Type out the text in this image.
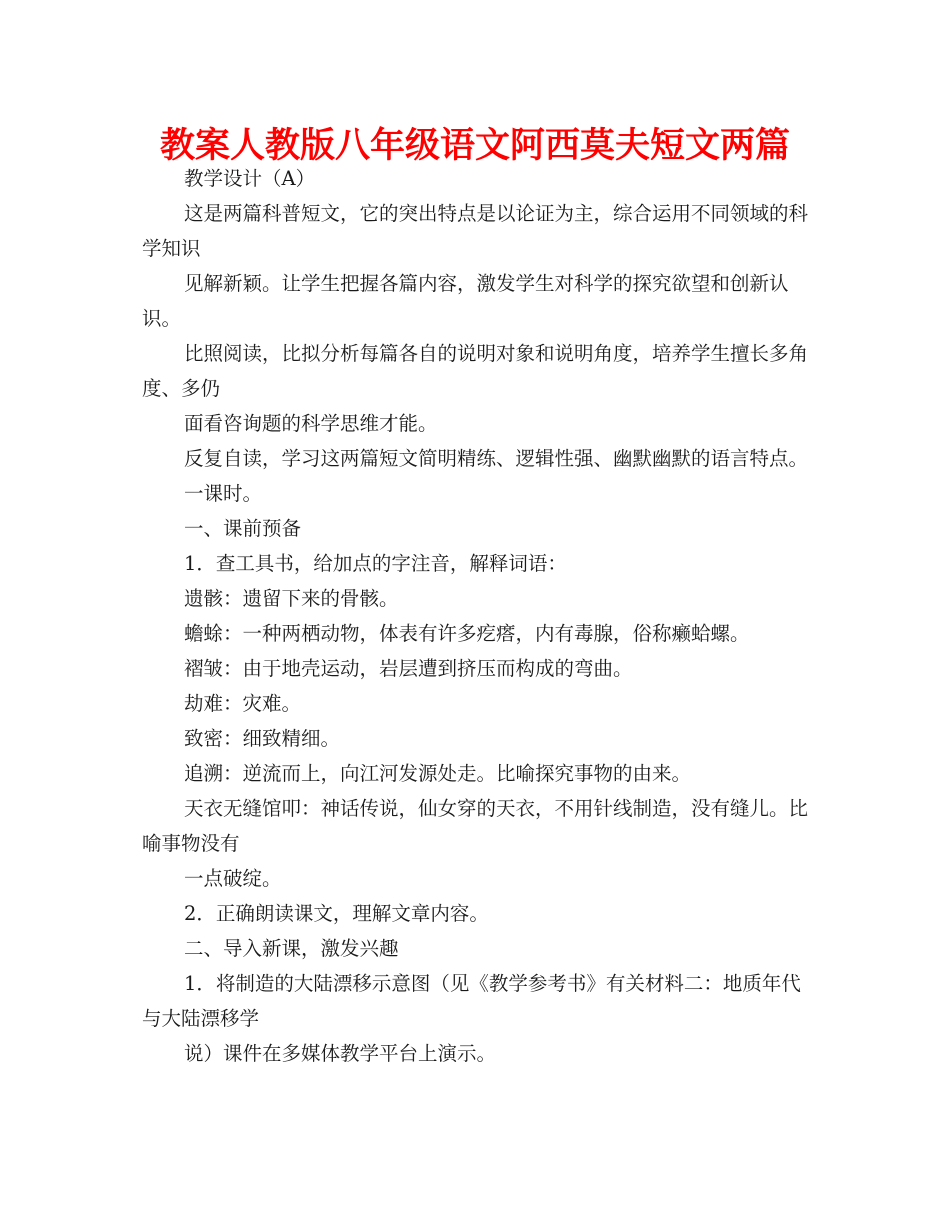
教案人教版八年级语文阿西莫夫短文两篇

教学设计（A）

这是两篇科普短文，它的突出特点是以论证为主，综合运用不同领域的科学知识

见解新颖。让学生把握各篇内容，激发学生对科学的探究欲望和创新认识。

比照阅读，比拟分析每篇各自的说明对象和说明角度，培养学生擅长多角度、多仍

面看咨询题的科学思维才能。

反复自读，学习这两篇短文简明精练、逻辑性强、幽默幽默的语言特点。

一课时。

一、课前预备

1．查工具书，给加点的字注音，解释词语：

遗骸：遗留下来的骨骸。

蟾蜍：一种两栖动物，体表有许多疙瘩，内有毒腺，俗称癞蛤螺。

褶皱：由于地壳运动，岩层遭到挤压而构成的弯曲。

劫难：灾难。

致密：细致精细。

追溯：逆流而上，向江河发源处走。比喻探究事物的由来。

天衣无缝馆叩：神话传说，仙女穿的天衣，不用针线制造，没有缝儿。比喻事物没有

一点破绽。

2．正确朗读课文，理解文章内容。

二、导入新课，激发兴趣

1．将制造的大陆漂移示意图（见《教学参考书》有关材料二：地质年代与大陆漂移学

说）课件在多媒体教学平台上演示。
